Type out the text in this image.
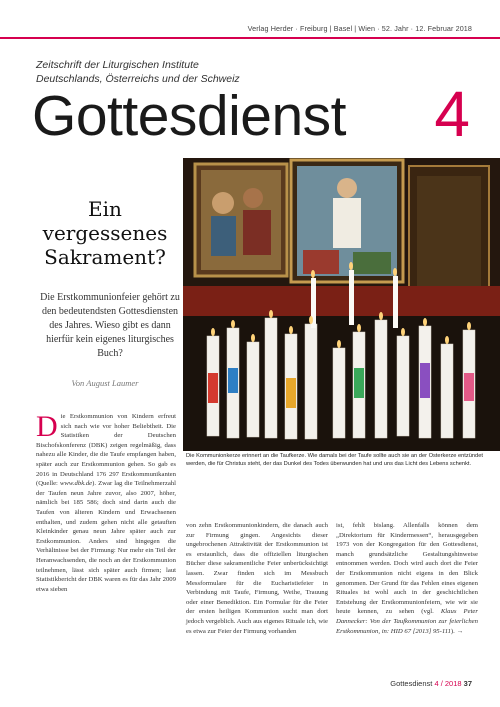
Verlag Herder · Freiburg | Basel | Wien · 52. Jahr · 12. Februar 2018
Zeitschrift der Liturgischen Institute
Deutschlands, Österreichs und der Schweiz
Gottesdienst 4
Ein vergessenes Sakrament?
Die Erstkommunionfeier gehört zu den bedeutendsten Gottesdiensten des Jahres. Wieso gibt es dann hierfür kein eigenes liturgisches Buch?
Von August Laumer
Die Kommunionkerze erinnert an die Taufkerze. Wie damals bei der Taufe sollte auch sie an der Osterkerze entzündet werden, die für Christus steht, der das Dunkel des Todes überwunden hat und uns das Licht des Lebens schenkt.
Die Erstkommunion von Kindern erfreut sich nach wie vor hoher Beliebtheit. Die Statistiken der Deutschen Bischofskonferenz (DBK) zeigen regelmäßig, dass nahezu alle Kinder, die die Taufe empfangen haben, später auch zur Erstkommunion gehen. So gab es 2016 in Deutschland 176 297 Erstkommunikanten (Quelle: www.dbk.de). Zwar lag die Teilnehmerzahl der Taufen neun Jahre zuvor, also 2007, höher, nämlich bei 185 586; doch sind darin auch die Taufen von älteren Kindern und Erwachsenen enthalten, und zudem gehen nicht alle getauften Kleinkinder genau neun Jahre später auch zur Erstkommunion. Anders sind hingegen die Verhältnisse bei der Firmung: Nur mehr ein Teil der Heranwachsenden, die noch an der Erstkommunion teilnehmen, lässt sich später auch firmen; laut Statistikbericht der DBK waren es für das Jahr 2009 etwa sieben
von zehn Erstkommunionkindern, die danach auch zur Firmung gingen. Angesichts dieser ungebrochenen Attraktivität der Erstkommunion ist es erstaunlich, dass die offiziellen liturgischen Bücher diese sakramentliche Feier unberücksichtigt lassen. Zwar finden sich im Messbuch Messformulare für die Eucharistiefeier in Verbindung mit Taufe, Firmung, Weihe, Trauung oder einer Benediktion. Ein Formular für die Feier der ersten heiligen Kommunion sucht man dort jedoch vergeblich. Auch aus eigenes Rituale ich, wie es etwa zur Feier der Firmung vorhanden
ist, fehlt bislang. Allenfalls können dem „Direktorium für Kindermessen“, herausgegeben 1973 von der Kongregation für den Gottesdienst, manch grundsätzliche Gestaltungshinweise entnommen werden. Doch wird auch dort die Feier der Erstkommunion nicht eigens in den Blick genommen. Der Grund für das Fehlen eines eigenen Rituales ist wohl auch in der geschichtlichen Entstehung der Erstkommunionfeiern, wie wir sie heute kennen, zu sehen (vgl. Klaus Peter Dannecker: Von der Taufkommunion zur feierlichen Erstkommunion, in: HID 67 [2013] 95-111). →
Gottesdienst 4 / 2018 37
